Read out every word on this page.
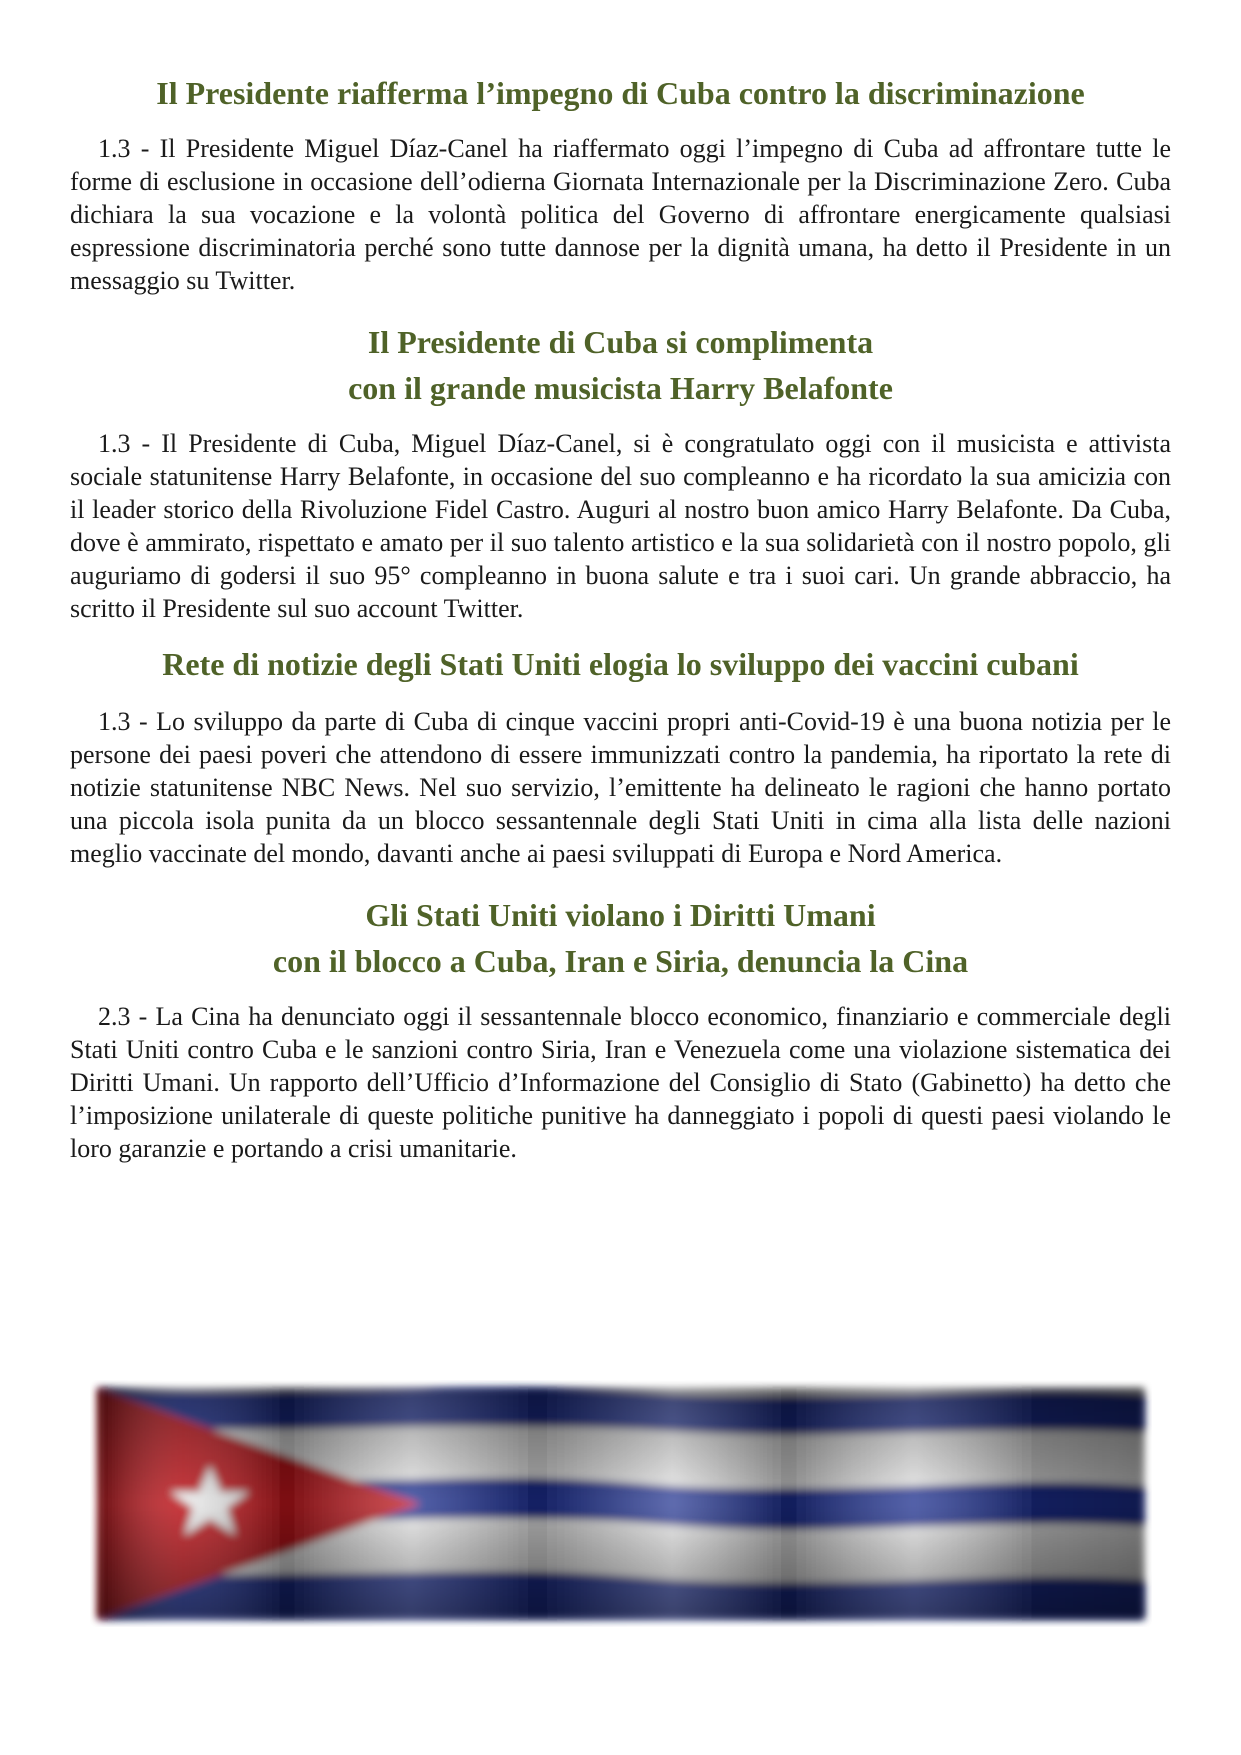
Il Presidente riafferma l’impegno di Cuba contro la discriminazione

1.3 - Il Presidente Miguel Díaz-Canel ha riaffermato oggi l’impegno di Cuba ad affrontare tutte le forme di esclusione in occasione dell’odierna Giornata Internazionale per la Discriminazione Zero. Cuba dichiara la sua vocazione e la volontà politica del Governo di affrontare energicamente qualsiasi espressione discriminatoria perché sono tutte dannose per la dignità umana, ha detto il Presidente in un messaggio su Twitter.

Il Presidente di Cuba si complimenta
con il grande musicista Harry Belafonte

1.3 - Il Presidente di Cuba, Miguel Díaz-Canel, si è congratulato oggi con il musicista e attivista sociale statunitense Harry Belafonte, in occasione del suo compleanno e ha ricordato la sua amicizia con il leader storico della Rivoluzione Fidel Castro. Auguri al nostro buon amico Harry Belafonte. Da Cuba, dove è ammirato, rispettato e amato per il suo talento artistico e la sua solidarietà con il nostro popolo, gli auguriamo di godersi il suo 95° compleanno in buona salute e tra i suoi cari. Un grande abbraccio, ha scritto il Presidente sul suo account Twitter.

Rete di notizie degli Stati Uniti elogia lo sviluppo dei vaccini cubani

1.3 - Lo sviluppo da parte di Cuba di cinque vaccini propri anti-Covid-19 è una buona notizia per le persone dei paesi poveri che attendono di essere immunizzati contro la pandemia, ha riportato la rete di notizie statunitense NBC News. Nel suo servizio, l’emittente ha delineato le ragioni che hanno portato una piccola isola punita da un blocco sessantennale degli Stati Uniti in cima alla lista delle nazioni meglio vaccinate del mondo, davanti anche ai paesi sviluppati di Europa e Nord America.

Gli Stati Uniti violano i Diritti Umani
con il blocco a Cuba, Iran e Siria, denuncia la Cina

2.3 - La Cina ha denunciato oggi il sessantennale blocco economico, finanziario e commerciale degli Stati Uniti contro Cuba e le sanzioni contro Siria, Iran e Venezuela come una violazione sistematica dei Diritti Umani. Un rapporto dell’Ufficio d’Informazione del Consiglio di Stato (Gabinetto) ha detto che l’imposizione unilaterale di queste politiche punitive ha danneggiato i popoli di questi paesi violando le loro garanzie e portando a crisi umanitarie.
